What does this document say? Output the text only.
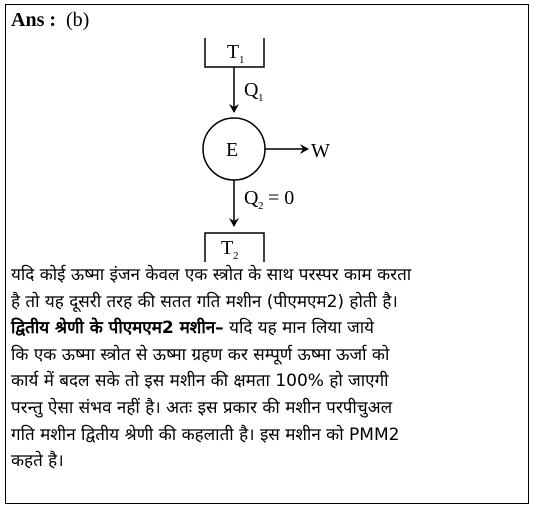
Ans : (b)
T 1
Q 1
E	W
Q 2 = 0
T 2
यदि कोई ऊष्मा इंजन केवल एक स्त्रोत के साथ परस्पर काम करता
है तो यह दूसरी तरह की सतत गति मशीन (पीएमएम2) होती है।
द्वितीय श्रेणी के पीएमएम2 मशीन– यदि यह मान लिया जाये
कि एक ऊष्मा स्त्रोत से ऊष्मा ग्रहण कर सम्पूर्ण ऊष्मा ऊर्जा को
कार्य में बदल सके तो इस मशीन की क्षमता 100% हो जाएगी
परन्तु ऐसा संभव नहीं है। अतः इस प्रकार की मशीन परपीचुअल
गति मशीन द्वितीय श्रेणी की कहलाती है। इस मशीन को PMM2
कहते है।
